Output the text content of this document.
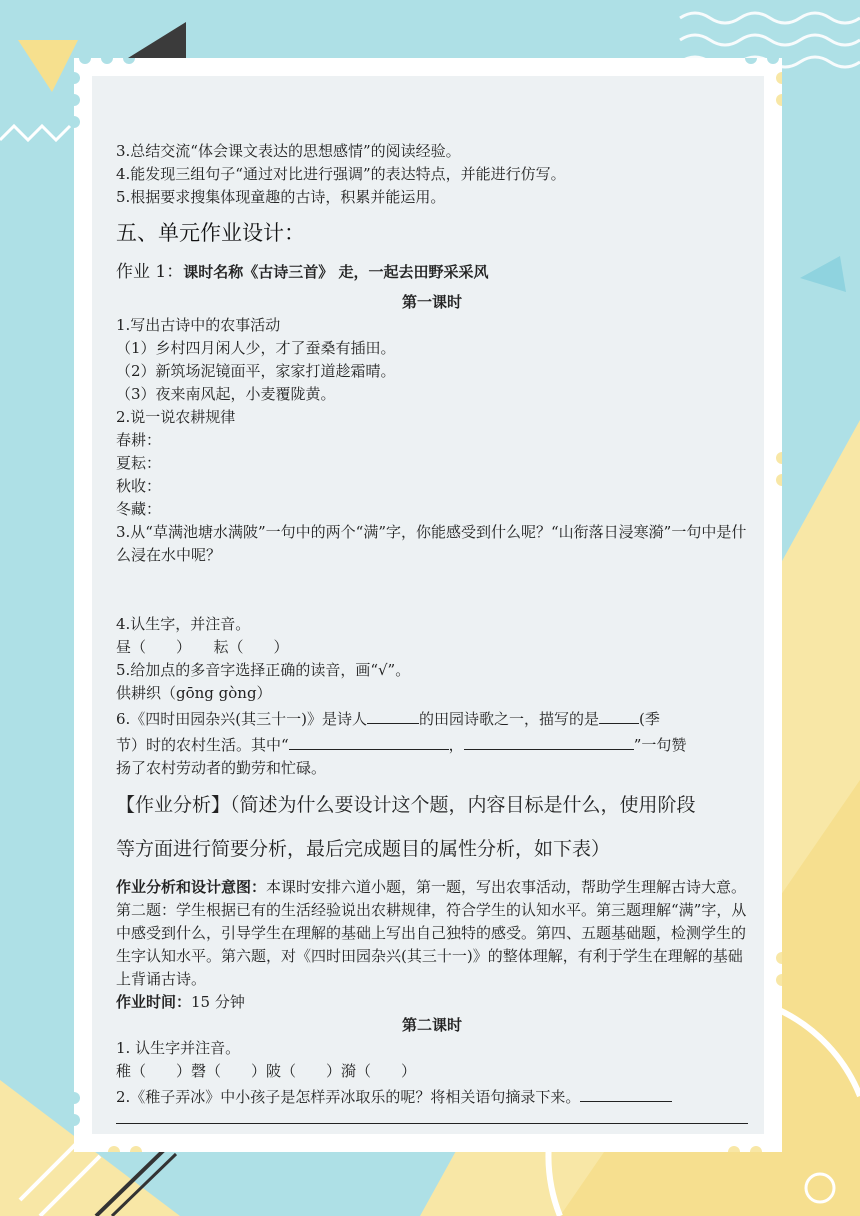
3.总结交流“体会课文表达的思想感情”的阅读经验。

4.能发现三组句子“通过对比进行强调”的表达特点，并能进行仿写。

5.根据要求搜集体现童趣的古诗，积累并能运用。

五、单元作业设计：

作业 1：课时名称《古诗三首》 走，一起去田野采采风

第一课时

1.写出古诗中的农事活动

（1）乡村四月闲人少，才了蚕桑有插田。

（2）新筑场泥镜面平，家家打道趁霜晴。

（3）夜来南风起，小麦覆陇黄。

2.说一说农耕规律

春耕：

夏耘：

秋收：

冬藏：

3.从“草满池塘水满陂”一句中的两个“满”字，你能感受到什么呢？“山衔落日浸寒漪”一句中是什么浸在水中呢？

4.认生字，并注音。

昼（　　）　　耘（　　）

5.给加点的多音字选择正确的读音，画“√”。

供耕织（gōng gòng）

6.《四时田园杂兴(其三十一)》是诗人	的田园诗歌之一，描写的是	(季

节）时的农村生活。其中“	，	”一句赞

扬了农村劳动者的勤劳和忙碌。

【作业分析】（简述为什么要设计这个题，内容目标是什么，使用阶段

等方面进行简要分析，最后完成题目的属性分析，如下表）

作业分析和设计意图：本课时安排六道小题，第一题，写出农事活动，帮助学生理解古诗大意。第二题：学生根据已有的生活经验说出农耕规律，符合学生的认知水平。第三题理解“满”字，从中感受到什么，引导学生在理解的基础上写出自己独特的感受。第四、五题基础题，检测学生的生字认知水平。第六题，对《四时田园杂兴(其三十一)》的整体理解，有利于学生在理解的基础上背诵古诗。

作业时间：15 分钟

第二课时

1. 认生字并注音。

稚（　　）磬（　　）陂（　　）漪（　　）

2.《稚子弄冰》中小孩子是怎样弄冰取乐的呢？将相关语句摘录下来。
